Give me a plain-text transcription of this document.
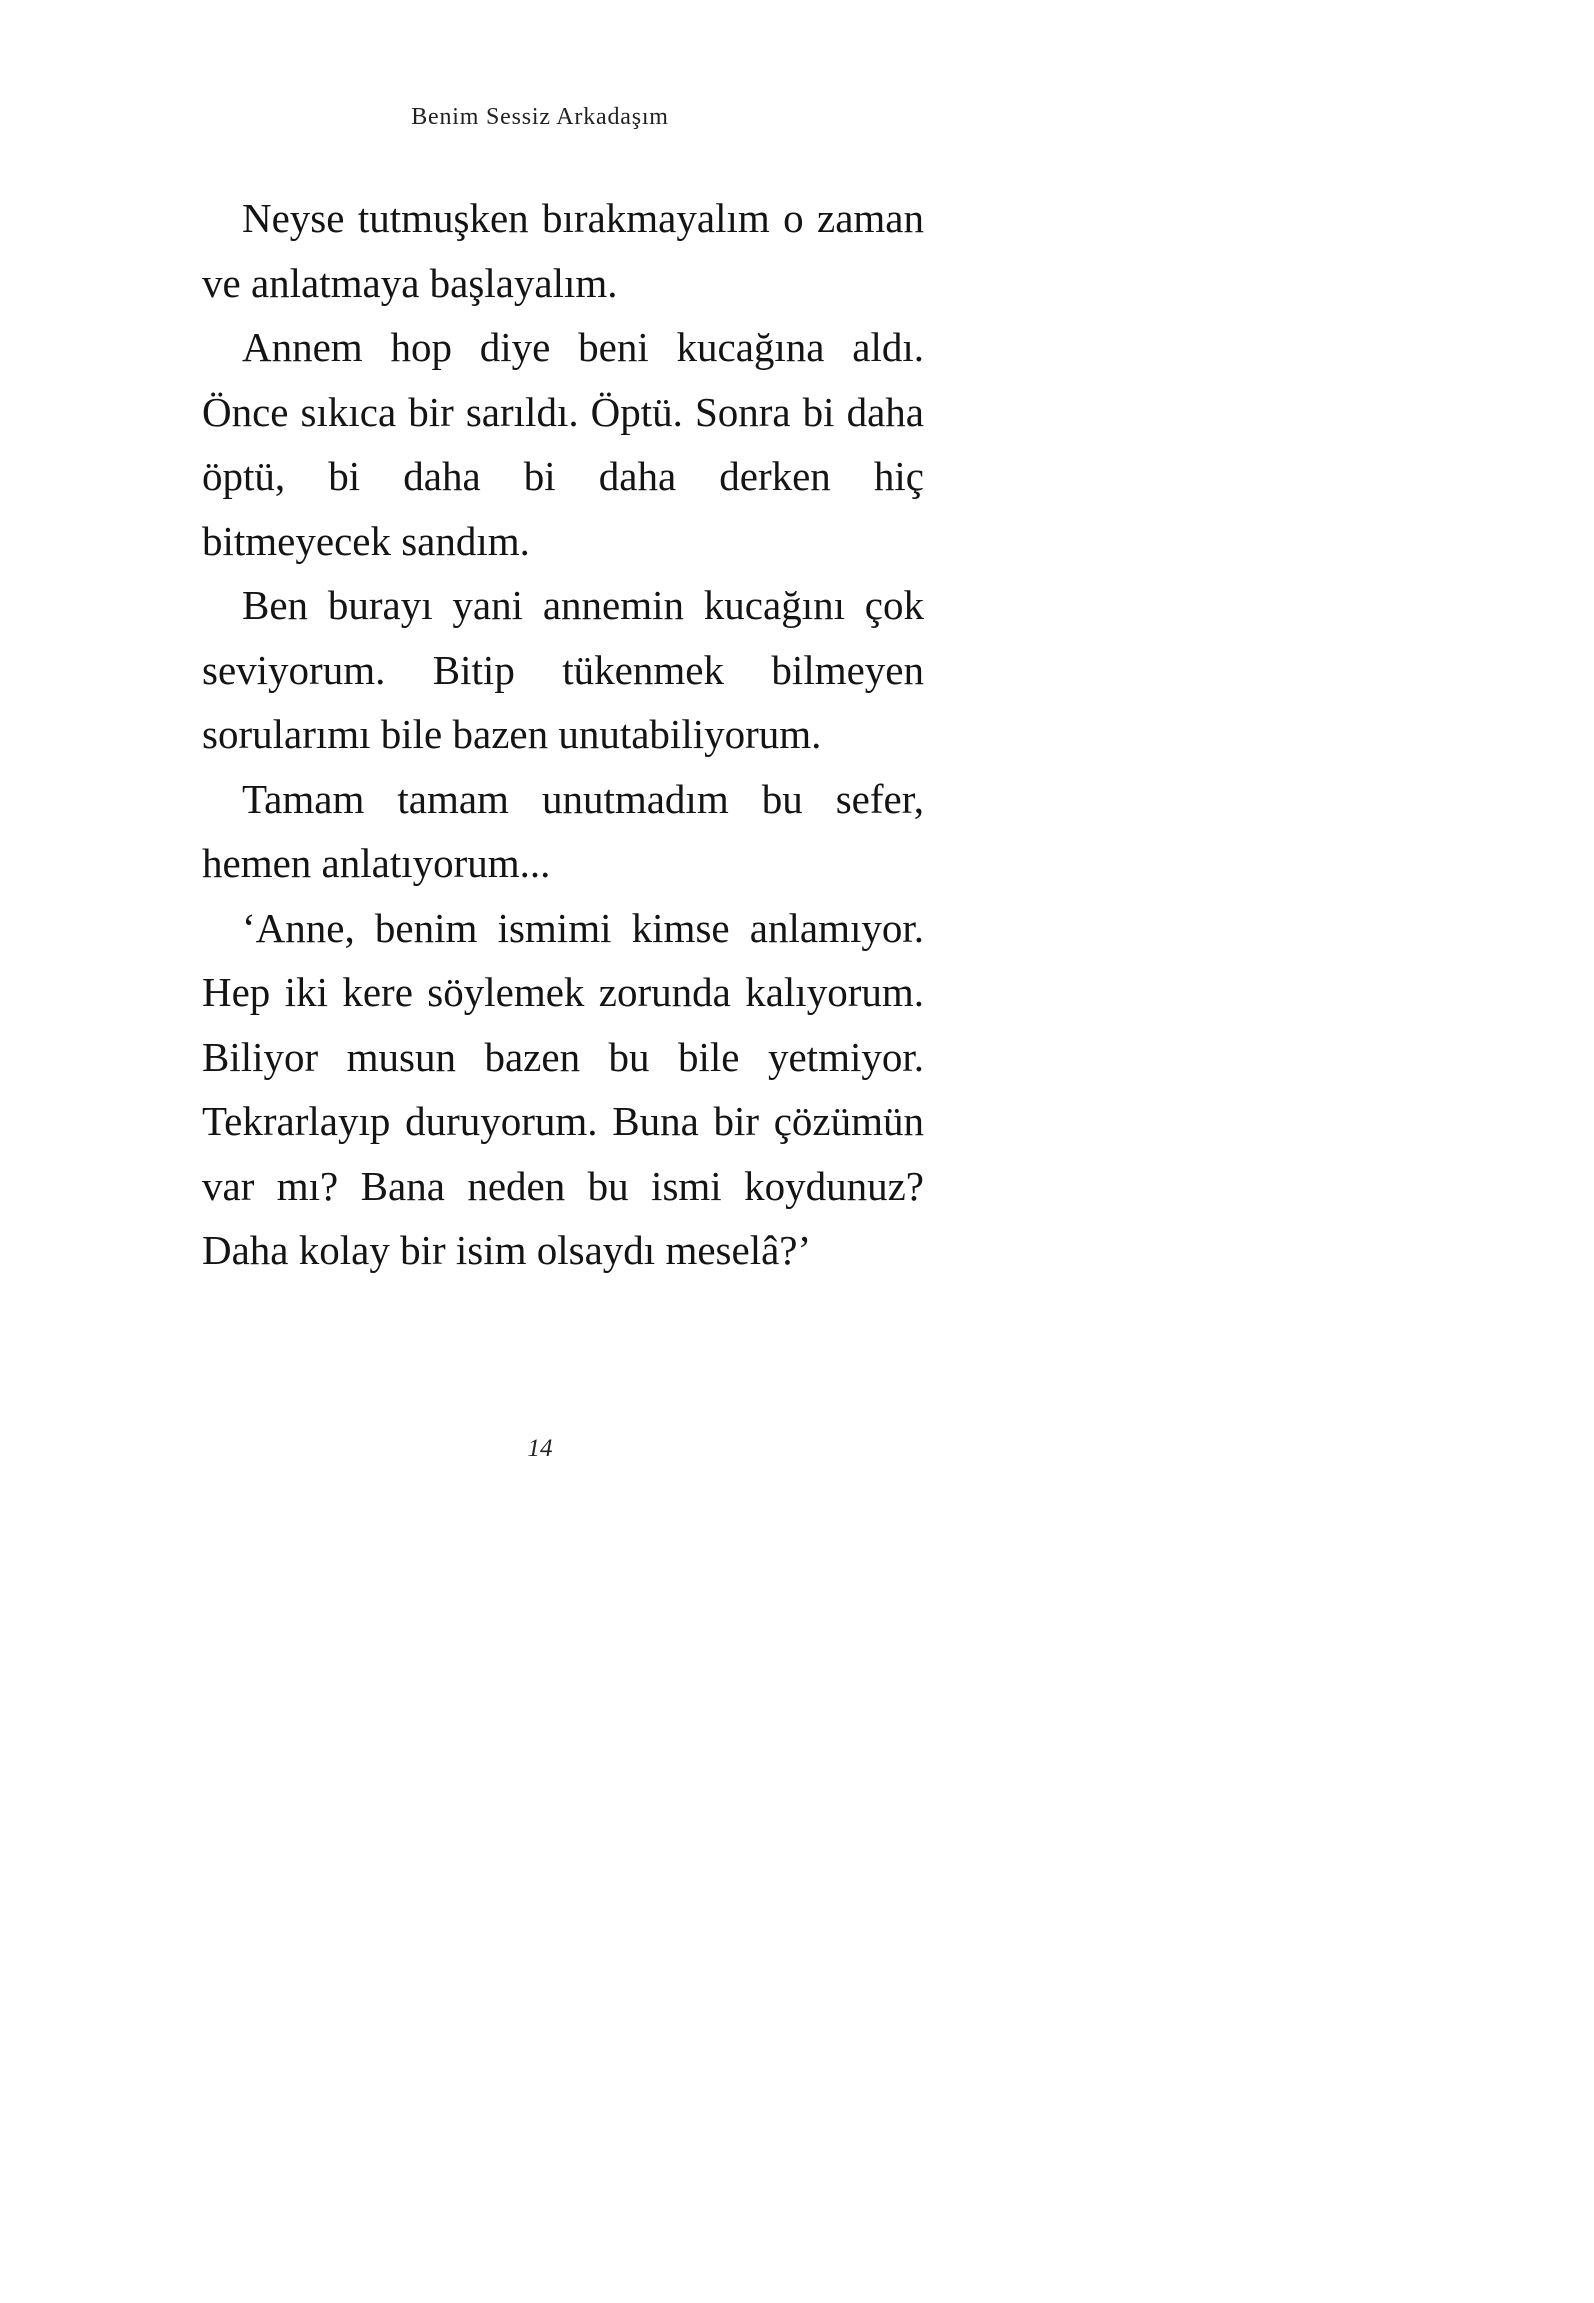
Benim Sessiz Arkadaşım

Neyse tutmuşken bırakmayalım o zaman ve anlatmaya başlayalım.

Annem hop diye beni kucağına aldı. Önce sıkıca bir sarıldı. Öptü. Sonra bi daha öptü, bi daha bi daha derken hiç bitmeyecek sandım.

Ben burayı yani annemin kucağını çok seviyorum. Bitip tükenmek bilmeyen sorularımı bile bazen unutabiliyorum.

Tamam tamam unutmadım bu sefer, hemen anlatıyorum...

‘Anne, benim ismimi kimse anlamıyor. Hep iki kere söylemek zorunda kalıyorum. Biliyor musun bazen bu bile yetmiyor. Tekrarlayıp duruyorum. Buna bir çözümün var mı? Bana neden bu ismi koydunuz? Daha kolay bir isim olsaydı meselâ?’

14
